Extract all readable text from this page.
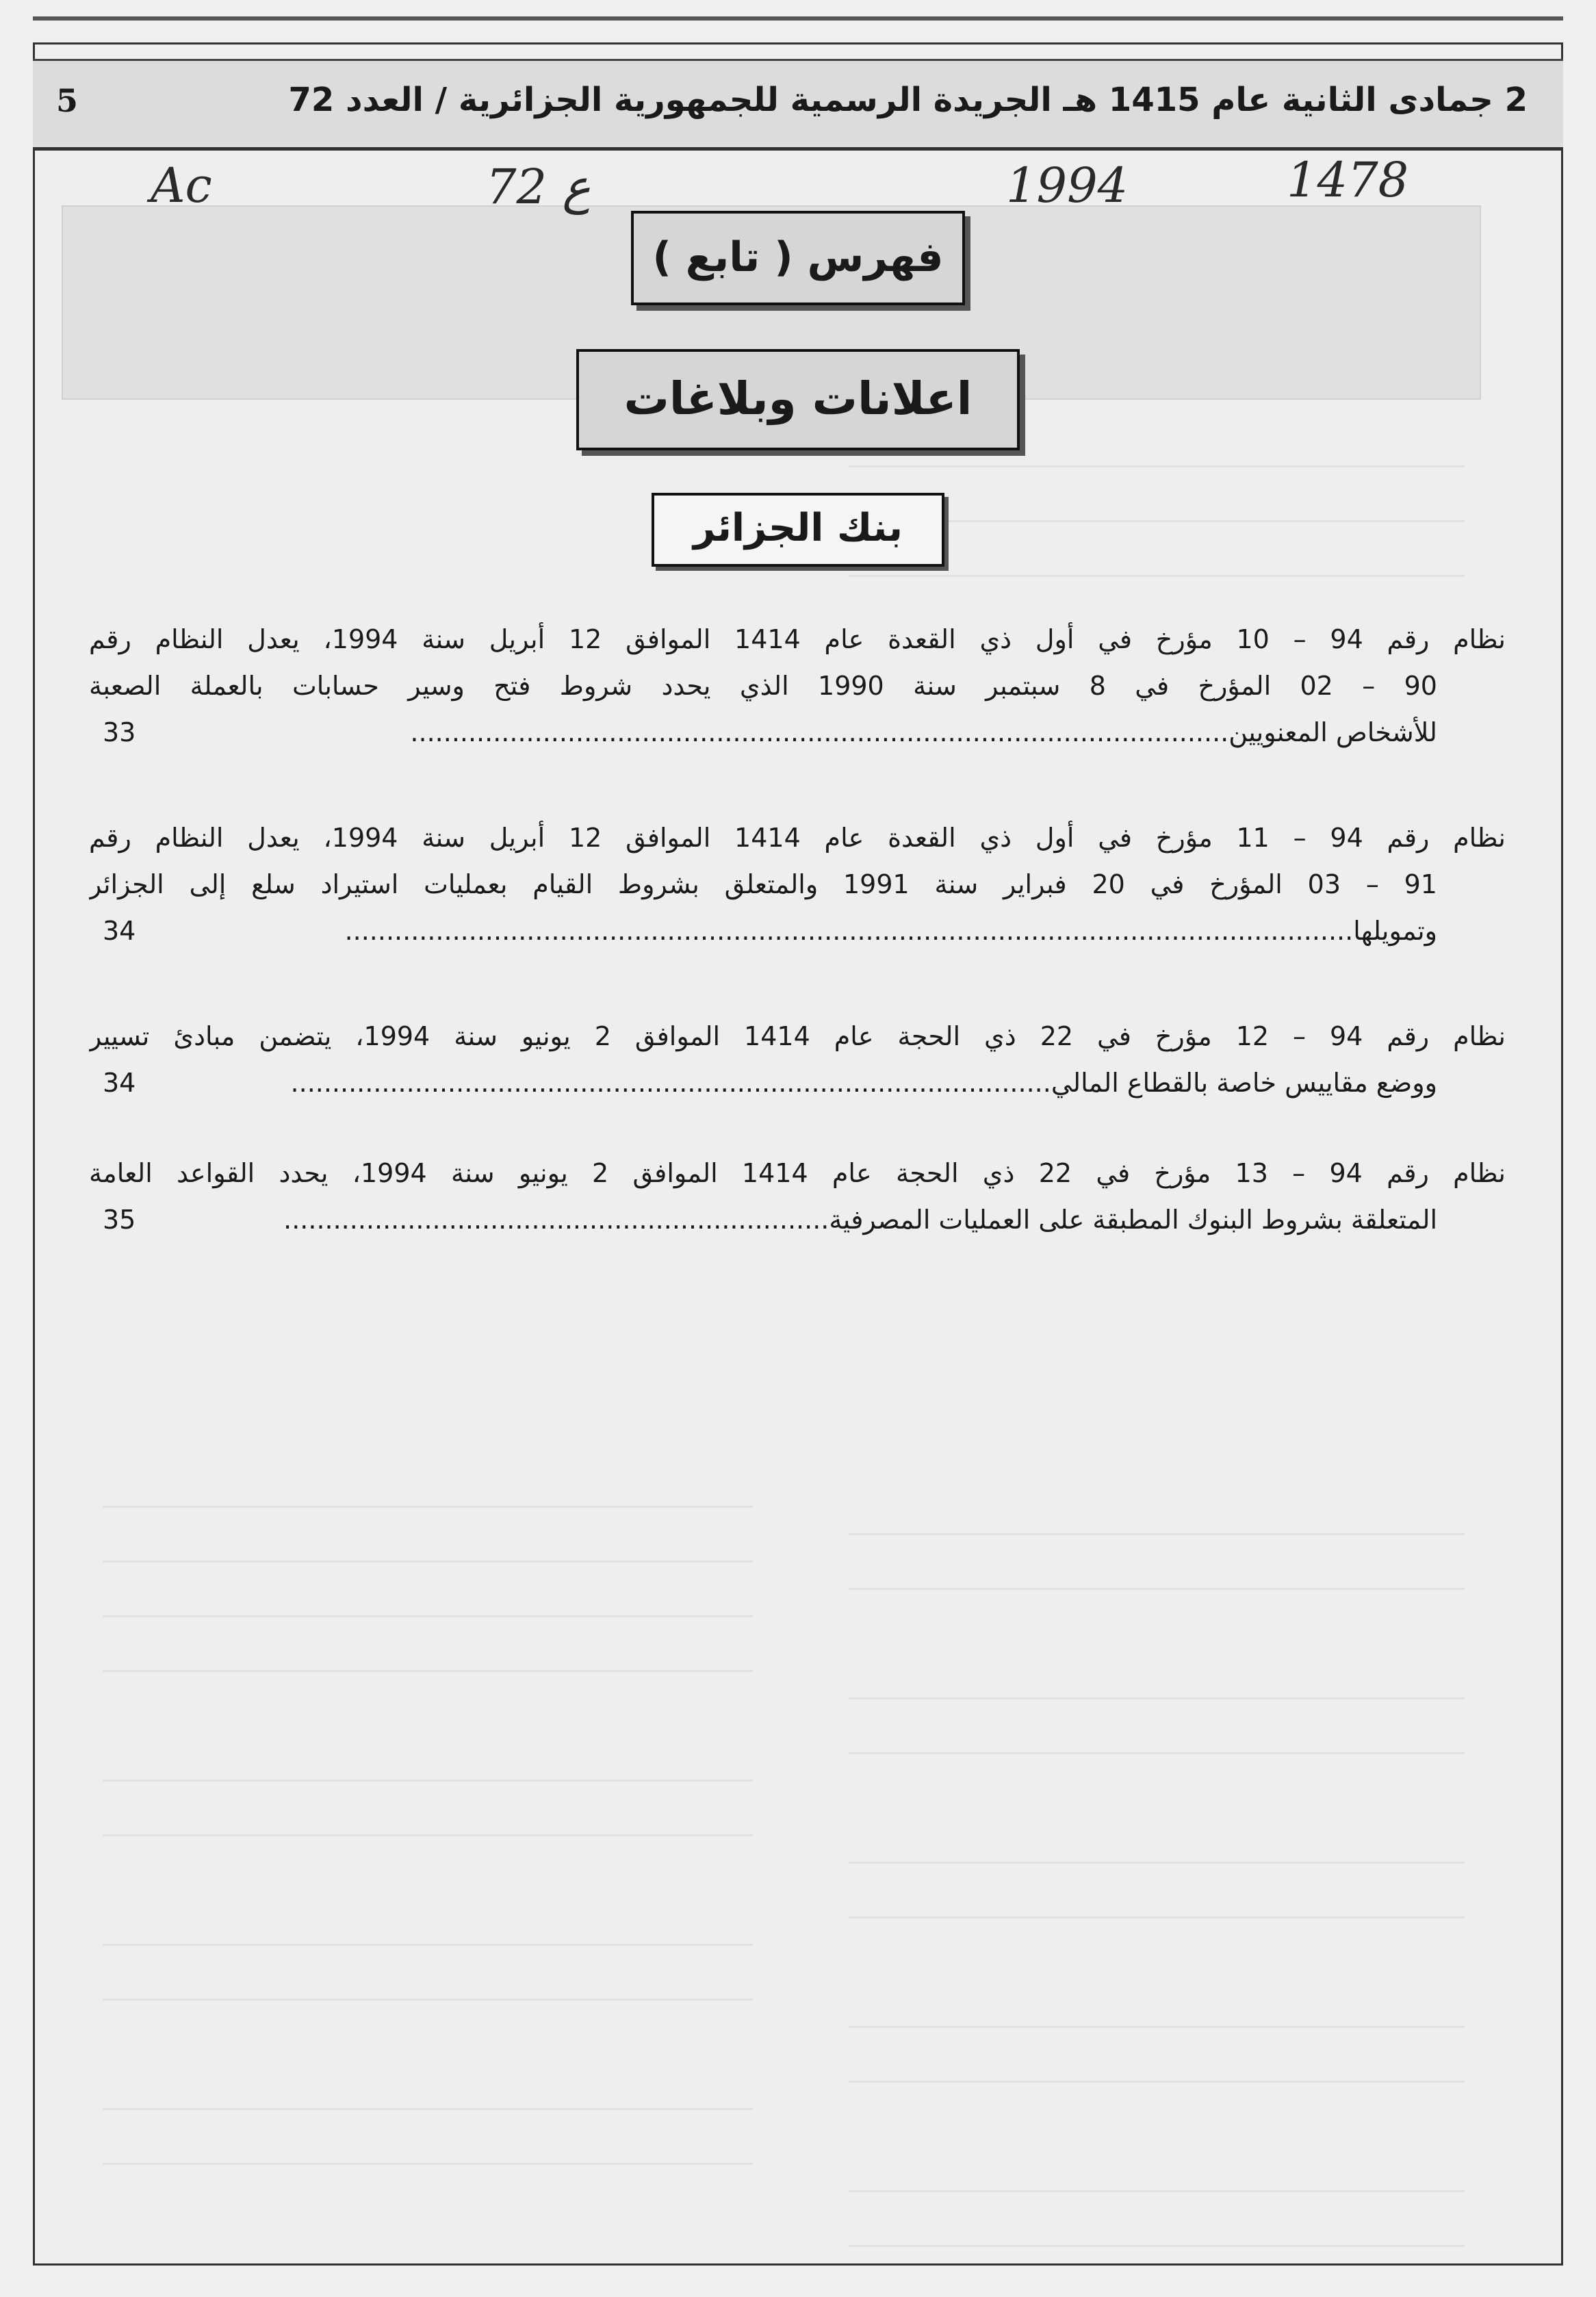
2 جمادى الثانية عام 1415 هـ الجريدة الرسمية للجمهورية الجزائرية / العدد 72
5
Ac	72 ع	1994	1478
فهرس ( تابع )
اعلانات وبلاغات
بنك الجزائر
نظام رقم 94 – 10 مؤرخ في أول ذي القعدة عام 1414 الموافق 12 أبريل سنة 1994، يعدل النظام رقم
90 – 02 المؤرخ في 8 سبتمبر سنة 1990 الذي يحدد شروط فتح وسير حسابات بالعملة الصعبة
للأشخاص المعنويين...................................................................................................
33
نظام رقم 94 – 11 مؤرخ في أول ذي القعدة عام 1414 الموافق 12 أبريل سنة 1994، يعدل النظام رقم
91 – 03 المؤرخ في 20 فبراير سنة 1991 والمتعلق بشروط القيام بعمليات استيراد سلع إلى الجزائر
وتمويلها..........................................................................................................................
34
نظام رقم 94 – 12 مؤرخ في 22 ذي الحجة عام 1414 الموافق 2 يونيو سنة 1994، يتضمن مبادئ تسيير
ووضع مقاييس خاصة بالقطاع المالي............................................................................................
34
نظام رقم 94 – 13 مؤرخ في 22 ذي الحجة عام 1414 الموافق 2 يونيو سنة 1994، يحدد القواعد العامة
المتعلقة بشروط البنوك المطبقة على العمليات المصرفية..................................................................
35
